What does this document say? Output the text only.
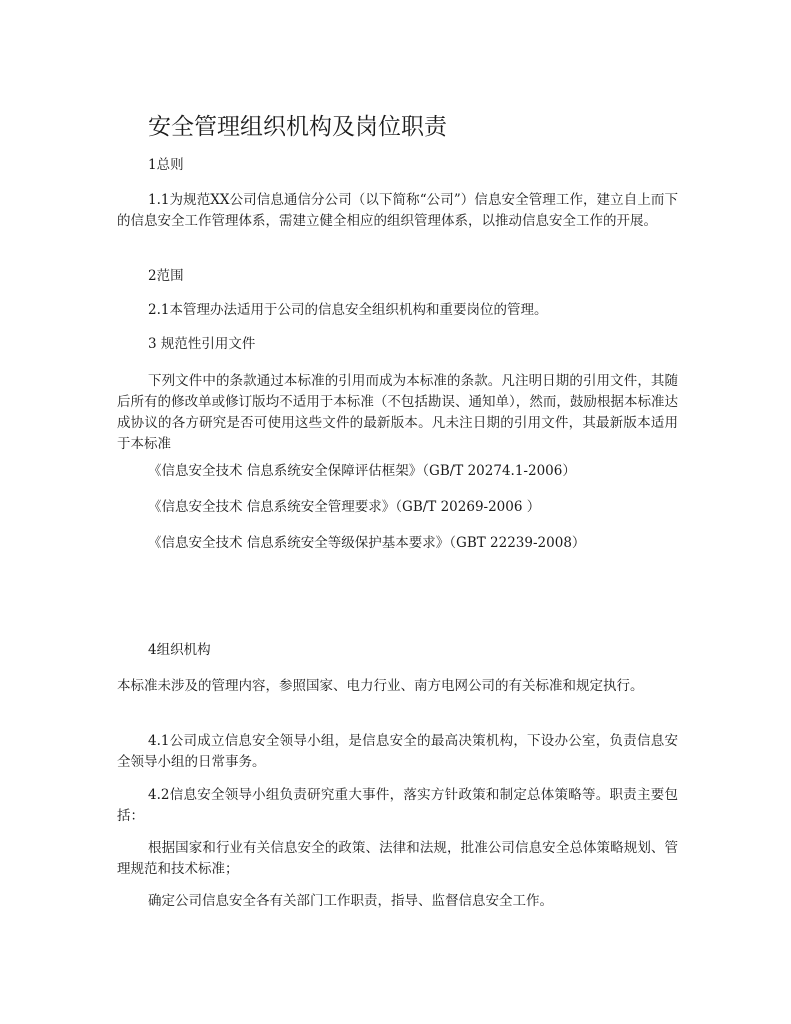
安全管理组织机构及岗位职责

1总则

1.1为规范XX公司信息通信分公司（以下简称“公司”）信息安全管理工作，建立自上而下的信息安全工作管理体系，需建立健全相应的组织管理体系，以推动信息安全工作的开展。

2范围

2.1本管理办法适用于公司的信息安全组织机构和重要岗位的管理。

3 规范性引用文件

下列文件中的条款通过本标准的引用而成为本标准的条款。凡注明日期的引用文件，其随后所有的修改单或修订版均不适用于本标准（不包括勘误、通知单），然而，鼓励根据本标准达成协议的各方研究是否可使用这些文件的最新版本。凡未注日期的引用文件，其最新版本适用于本标准

《信息安全技术 信息系统安全保障评估框架》（GB/T 20274.1-2006）

《信息安全技术 信息系统安全管理要求》（GB/T 20269-2006 ）

《信息安全技术 信息系统安全等级保护基本要求》（GBT 22239-2008）

4组织机构

本标准未涉及的管理内容，参照国家、电力行业、南方电网公司的有关标准和规定执行。

4.1公司成立信息安全领导小组，是信息安全的最高决策机构，下设办公室，负责信息安全领导小组的日常事务。

4.2信息安全领导小组负责研究重大事件，落实方针政策和制定总体策略等。职责主要包括：

根据国家和行业有关信息安全的政策、法律和法规，批准公司信息安全总体策略规划、管理规范和技术标准；

确定公司信息安全各有关部门工作职责，指导、监督信息安全工作。
